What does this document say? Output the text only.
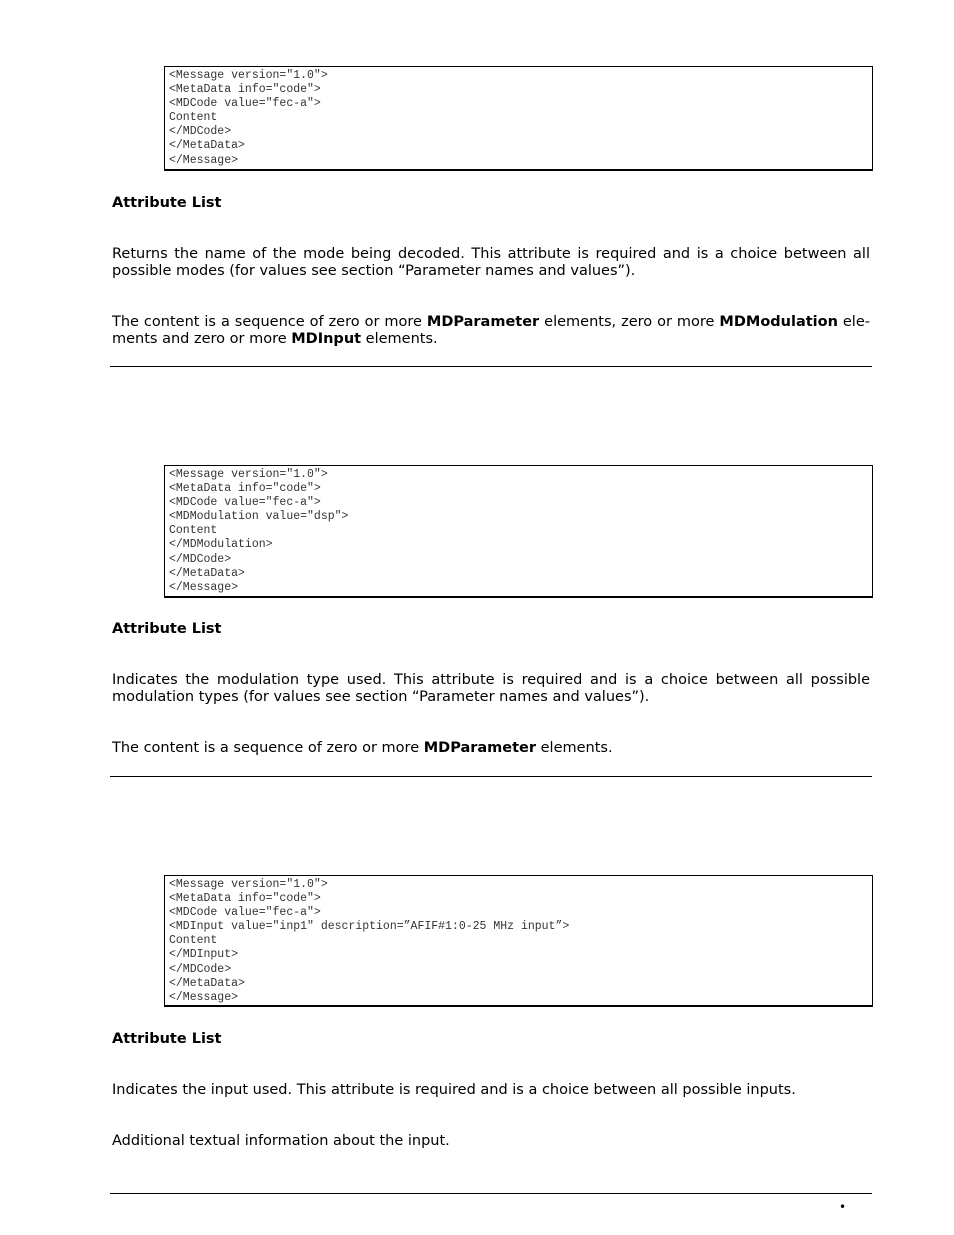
<Message version="1.0">
<MetaData info="code">
<MDCode value="fec-a">
Content
</MDCode>
</MetaData>
</Message>
Attribute List
Returns the name of the mode being decoded. This attribute is required and is a choice between all possible modes (for values see section “Parameter names and values”).
The content is a sequence of zero or more MDParameter elements, zero or more MDModulation elements and zero or more MDInput elements.
<Message version="1.0">
<MetaData info="code">
<MDCode value="fec-a">
<MDModulation value="dsp">
Content
</MDModulation>
</MDCode>
</MetaData>
</Message>
Attribute List
Indicates the modulation type used. This attribute is required and is a choice between all possible modulation types (for values see section “Parameter names and values”).
The content is a sequence of zero or more MDParameter elements.
<Message version="1.0">
<MetaData info="code">
<MDCode value="fec-a">
<MDInput value="inp1" description=”AFIF#1:0-25 MHz input”>
Content
</MDInput>
</MDCode>
</MetaData>
</Message>
Attribute List
Indicates the input used. This attribute is required and is a choice between all possible inputs.
Additional textual information about the input.
•
